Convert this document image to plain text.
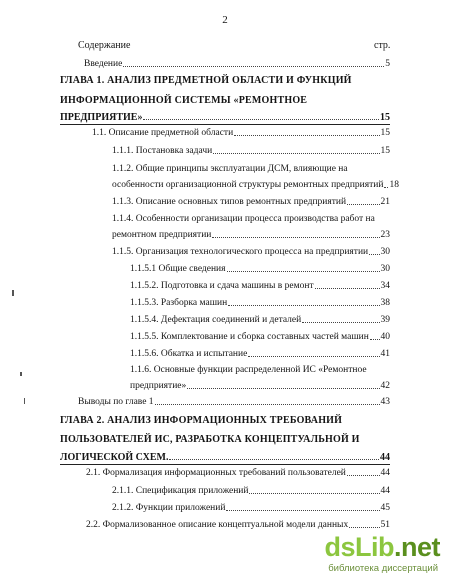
2
Содержание	стр.
Введение	5
ГЛАВА 1. АНАЛИЗ ПРЕДМЕТНОЙ ОБЛАСТИ И ФУНКЦИЙ
ИНФОРМАЦИОННОЙ СИСТЕМЫ «РЕМОНТНОЕ
ПРЕДПРИЯТИЕ»	15
1.1. Описание предметной области	15
1.1.1. Постановка задачи	15
1.1.2. Общие принципы эксплуатации ДСМ, влияющие на
особенности организационной структуры ремонтных предприятий 18
1.1.3. Описание основных типов ремонтных предприятий	21
1.1.4. Особенности организации процесса производства работ на
ремонтном предприятии	23
1.1.5. Организация технологического процесса на предприятии 30
1.1.5.1 Общие сведения	30
1.1.5.2. Подготовка и сдача машины в ремонт	34
1.1.5.3. Разборка машин	38
1.1.5.4. Дефектация соединений и деталей	39
1.1.5.5. Комплектование и сборка составных частей машин 40
1.1.5.6. Обкатка и испытание	41
1.1.6. Основные функции распределенной ИС «Ремонтное
предприятие»	42
Выводы по главе 1	43
ГЛАВА 2. АНАЛИЗ ИНФОРМАЦИОННЫХ ТРЕБОВАНИЙ
ПОЛЬЗОВАТЕЛЕЙ ИС, РАЗРАБОТКА КОНЦЕПТУАЛЬНОЙ И
ЛОГИЧЕСКОЙ СХЕМ.	44
2.1. Формализация информационных требований пользователей	44
2.1.1. Спецификация приложений	44
2.1.2. Функции приложений	45
2.2. Формализованное описание концептуальной модели данных	51
dsLib.net
библиотека диссертаций
